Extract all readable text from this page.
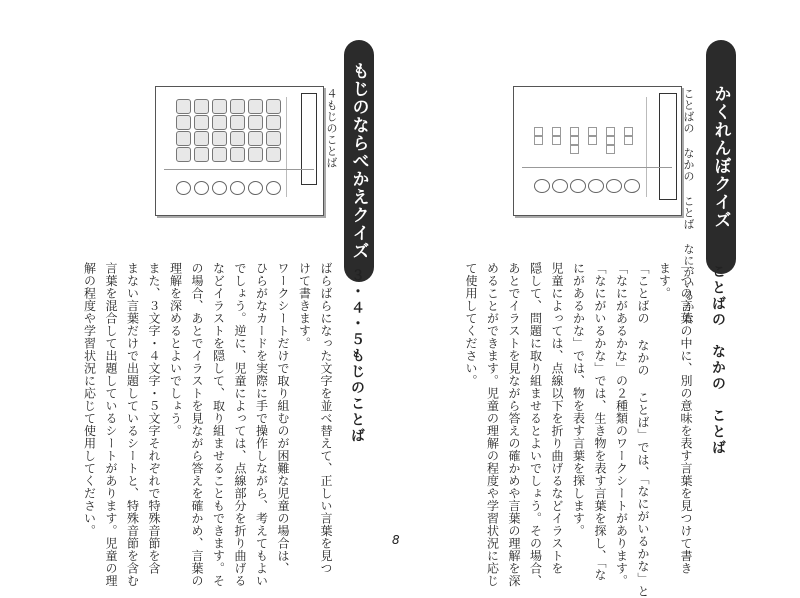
かくれんぼクイズ
ことばの　なかの　ことば
ことばの なかの ことば なにがいるかな

一つの言葉の中に、別の意味を表す言葉を見つけて書き

ます。

「ことばの なかの ことば」では、「なにがいるかな」と

「なにがあるかな」の２種類のワークシートがあります。

「なにがいるかな」では、生き物を表す言葉を探し、「な

にがあるかな」では、物を表す言葉を探します。

児童によっては、点線以下を折り曲げるなどイラストを

隠して、問題に取り組ませるとよいでしょう。その場合、

あとでイラストを見ながら答えの確かめや言葉の理解を深

めることができます。児童の理解の程度や学習状況に応じ

て使用してください。

もじのならべかえクイズ
３・４・５もじのことば
４もじのことば

ばらばらになった文字を並べ替えて、正しい言葉を見つ

けて書きます。

ワークシートだけで取り組むのが困難な児童の場合は、

ひらがなカードを実際に手で操作しながら、考えてもよい

でしょう。逆に、児童によっては、点線部分を折り曲げる

などイラストを隠して、取り組ませることもできます。そ

の場合、あとでイラストを見ながら答えを確かめ、言葉の

理解を深めるとよいでしょう。

また、３文字・４文字・５文字それぞれで特殊音節を含

まない言葉だけで出題しているシートと、特殊音節を含む

言葉を混合して出題しているシートがあります。児童の理

解の程度や学習状況に応じて使用してください。

8
